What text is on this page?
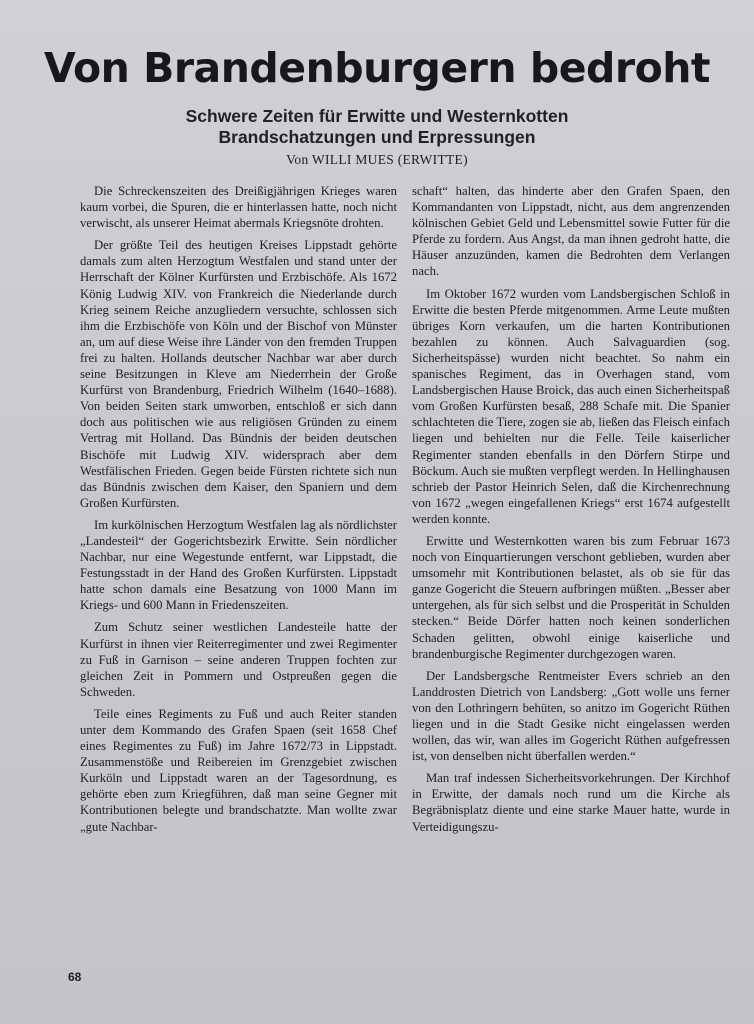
Von Brandenburgern bedroht
Schwere Zeiten für Erwitte und Westernkotten
Brandschatzungen und Erpressungen

Von WILLI MUES (ERWITTE)

Die Schreckenszeiten des Dreißigjährigen Krieges waren kaum vorbei, die Spuren, die er hinterlassen hatte, noch nicht verwischt, als unserer Heimat abermals Kriegsnöte drohten.

Der größte Teil des heutigen Kreises Lippstadt gehörte damals zum alten Herzogtum Westfalen und stand unter der Herrschaft der Kölner Kurfürsten und Erzbischöfe. Als 1672 König Ludwig XIV. von Frankreich die Niederlande durch Krieg seinem Reiche anzugliedern versuchte, schlossen sich ihm die Erzbischöfe von Köln und der Bischof von Münster an, um auf diese Weise ihre Länder von den fremden Truppen frei zu halten. Hollands deutscher Nachbar war aber durch seine Besitzungen in Kleve am Niederrhein der Große Kurfürst von Brandenburg, Friedrich Wilhelm (1640–1688). Von beiden Seiten stark umworben, entschloß er sich dann doch aus politischen wie aus religiösen Gründen zu einem Vertrag mit Holland. Das Bündnis der beiden deutschen Bischöfe mit Ludwig XIV. widersprach aber dem Westfälischen Frieden. Gegen beide Fürsten richtete sich nun das Bündnis zwischen dem Kaiser, den Spaniern und dem Großen Kurfürsten.

Im kurkölnischen Herzogtum Westfalen lag als nördlichster „Landesteil“ der Gogerichtsbezirk Erwitte. Sein nördlicher Nachbar, nur eine Wegestunde entfernt, war Lippstadt, die Festungsstadt in der Hand des Großen Kurfürsten. Lippstadt hatte schon damals eine Besatzung von 1000 Mann im Kriegs- und 600 Mann in Friedenszeiten.

Zum Schutz seiner westlichen Landesteile hatte der Kurfürst in ihnen vier Reiterregimenter und zwei Regimenter zu Fuß in Garnison – seine anderen Truppen fochten zur gleichen Zeit in Pommern und Ostpreußen gegen die Schweden.

Teile eines Regiments zu Fuß und auch Reiter standen unter dem Kommando des Grafen Spaen (seit 1658 Chef eines Regimentes zu Fuß) im Jahre 1672/73 in Lippstadt. Zusammenstöße und Reibereien im Grenzgebiet zwischen Kurköln und Lippstadt waren an der Tagesordnung, es gehörte eben zum Kriegführen, daß man seine Gegner mit Kontributionen belegte und brandschatzte. Man wollte zwar „gute Nachbar-

schaft“ halten, das hinderte aber den Grafen Spaen, den Kommandanten von Lippstadt, nicht, aus dem angrenzenden kölnischen Gebiet Geld und Lebensmittel sowie Futter für die Pferde zu fordern. Aus Angst, da man ihnen gedroht hatte, die Häuser anzuzünden, kamen die Bedrohten dem Verlangen nach.

Im Oktober 1672 wurden vom Landsbergischen Schloß in Erwitte die besten Pferde mitgenommen. Arme Leute mußten übriges Korn verkaufen, um die harten Kontributionen bezahlen zu können. Auch Salvaguardien (sog. Sicherheitspässe) wurden nicht beachtet. So nahm ein spanisches Regiment, das in Overhagen stand, vom Landsbergischen Hause Broick, das auch einen Sicherheitspaß vom Großen Kurfürsten besaß, 288 Schafe mit. Die Spanier schlachteten die Tiere, zogen sie ab, ließen das Fleisch einfach liegen und behielten nur die Felle. Teile kaiserlicher Regimenter standen ebenfalls in den Dörfern Stirpe und Böckum. Auch sie mußten verpflegt werden. In Hellinghausen schrieb der Pastor Heinrich Selen, daß die Kirchenrechnung von 1672 „wegen eingefallenen Kriegs“ erst 1674 aufgestellt werden konnte.

Erwitte und Westernkotten waren bis zum Februar 1673 noch von Einquartierungen verschont geblieben, wurden aber umsomehr mit Kontributionen belastet, als ob sie für das ganze Gogericht die Steuern aufbringen müßten. „Besser aber untergehen, als für sich selbst und die Prosperität in Schulden stecken.“ Beide Dörfer hatten noch keinen sonderlichen Schaden gelitten, obwohl einige kaiserliche und brandenburgische Regimenter durchgezogen waren.

Der Landsbergsche Rentmeister Evers schrieb an den Landdrosten Dietrich von Landsberg: „Gott wolle uns ferner von den Lothringern behüten, so anitzo im Gogericht Rüthen liegen und in die Stadt Gesike nicht eingelassen werden wollen, das wir, wan alles im Gogericht Rüthen aufgefressen ist, von denselben nicht überfallen werden.“

Man traf indessen Sicherheitsvorkehrungen. Der Kirchhof in Erwitte, der damals noch rund um die Kirche als Begräbnisplatz diente und eine starke Mauer hatte, wurde in Verteidigungszu-

68
